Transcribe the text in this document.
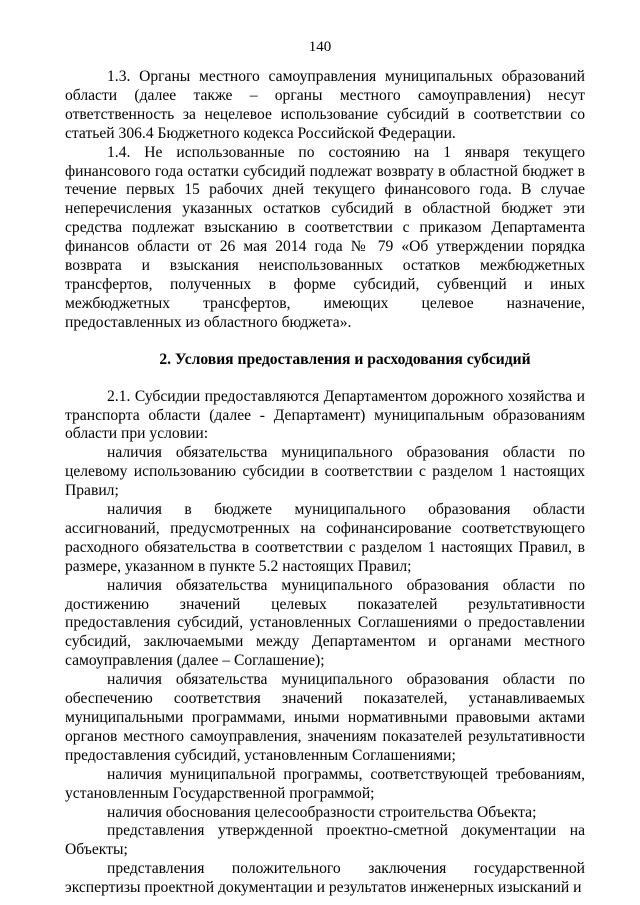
140

1.3. Органы местного самоуправления муниципальных образований области (далее также – органы местного самоуправления) несут ответственность за нецелевое использование субсидий в соответствии со статьей 306.4 Бюджетного кодекса Российской Федерации.

1.4. Не использованные по состоянию на 1 января текущего финансового года остатки субсидий подлежат возврату в областной бюджет в течение первых 15 рабочих дней текущего финансового года. В случае неперечисления указанных остатков субсидий в областной бюджет эти средства подлежат взысканию в соответствии с приказом Департамента финансов области от 26 мая 2014 года № 79 «Об утверждении порядка возврата и взыскания неиспользованных остатков межбюджетных трансфертов, полученных в форме субсидий, субвенций и иных межбюджетных трансфертов, имеющих целевое назначение, предоставленных из областного бюджета».

2. Условия предоставления и расходования субсидий

2.1. Субсидии предоставляются Департаментом дорожного хозяйства и транспорта области (далее - Департамент) муниципальным образованиям области при условии:

наличия обязательства муниципального образования области по целевому использованию субсидии в соответствии с разделом 1 настоящих Правил;

наличия в бюджете муниципального образования области ассигнований, предусмотренных на софинансирование соответствующего расходного обязательства в соответствии с разделом 1 настоящих Правил, в размере, указанном в пункте 5.2 настоящих Правил;

наличия обязательства муниципального образования области по достижению значений целевых показателей результативности предоставления субсидий, установленных Соглашениями о предоставлении субсидий, заключаемыми между Департаментом и органами местного самоуправления (далее – Соглашение);

наличия обязательства муниципального образования области по обеспечению соответствия значений показателей, устанавливаемых муниципальными программами, иными нормативными правовыми актами органов местного самоуправления, значениям показателей результативности предоставления субсидий, установленным Соглашениями;

наличия муниципальной программы, соответствующей требованиям, установленным Государственной программой;

наличия обоснования целесообразности строительства Объекта;

представления утвержденной проектно-сметной документации на Объекты;

представления положительного заключения государственной экспертизы проектной документации и результатов инженерных изысканий и
